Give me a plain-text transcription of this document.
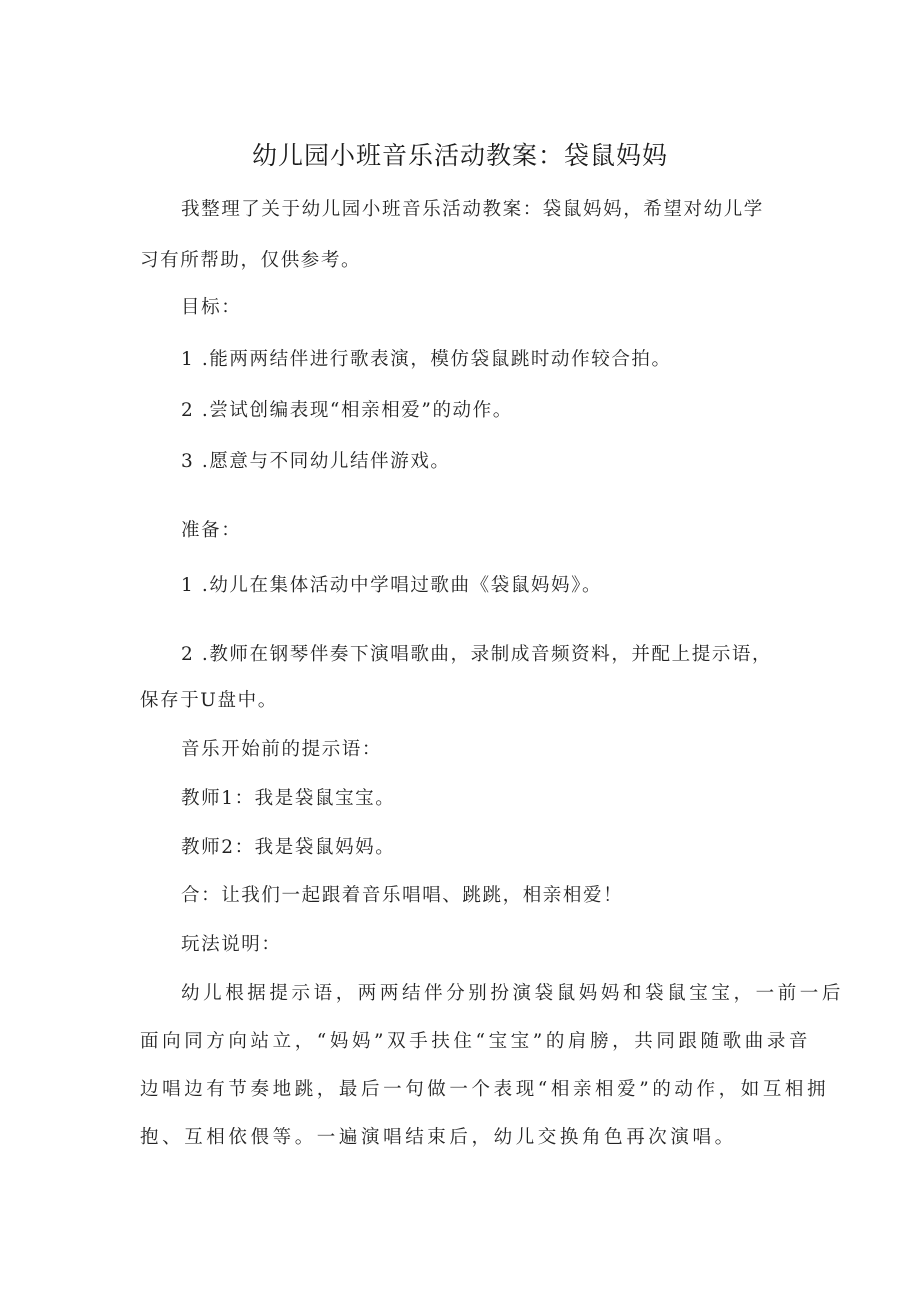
幼儿园小班音乐活动教案：袋鼠妈妈
我整理了关于幼儿园小班音乐活动教案：袋鼠妈妈，希望对幼儿学
习有所帮助，仅供参考。
目标：
1 .能两两结伴进行歌表演，模仿袋鼠跳时动作较合拍。
2 .尝试创编表现“相亲相爱”的动作。
3 .愿意与不同幼儿结伴游戏。
准备：
1 .幼儿在集体活动中学唱过歌曲《袋鼠妈妈》。
2 .教师在钢琴伴奏下演唱歌曲，录制成音频资料，并配上提示语，
保存于U盘中。
音乐开始前的提示语：
教师1：我是袋鼠宝宝。
教师2：我是袋鼠妈妈。
合：让我们一起跟着音乐唱唱、跳跳，相亲相爱！
玩法说明：
幼儿根据提示语，两两结伴分别扮演袋鼠妈妈和袋鼠宝宝，一前一后
面向同方向站立，“妈妈”双手扶住“宝宝”的肩膀，共同跟随歌曲录音
边唱边有节奏地跳，最后一句做一个表现“相亲相爱”的动作，如互相拥
抱、互相依偎等。一遍演唱结束后，幼儿交换角色再次演唱。
